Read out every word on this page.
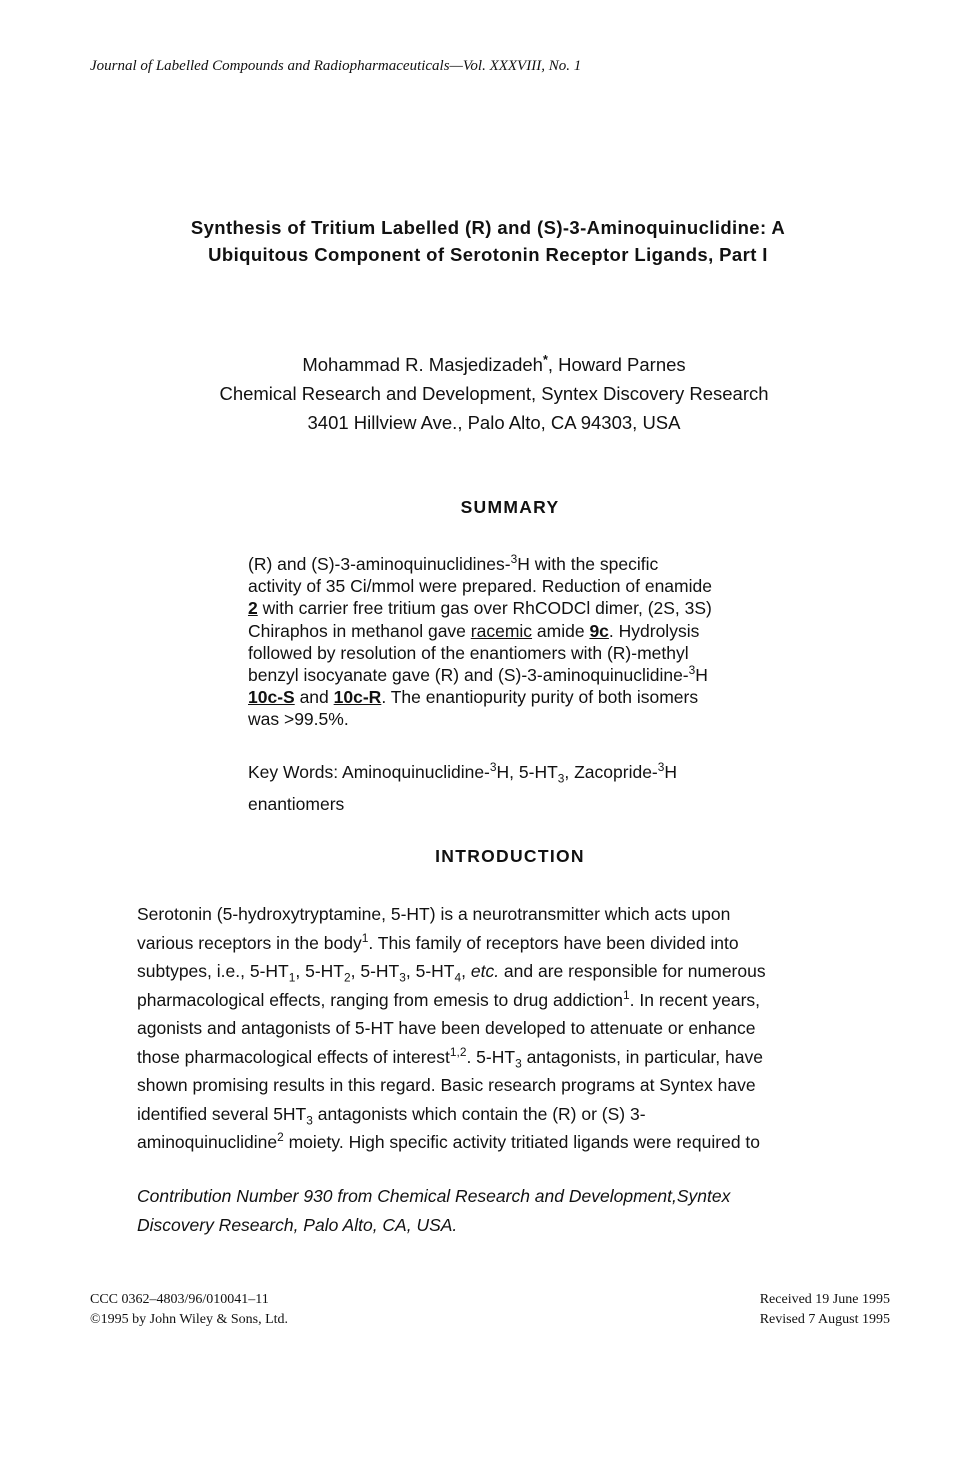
Journal of Labelled Compounds and Radiopharmaceuticals—Vol. XXXVIII, No. 1
Synthesis of Tritium Labelled (R) and (S)-3-Aminoquinuclidine: A
Ubiquitous Component of Serotonin Receptor Ligands, Part I
Mohammad R. Masjedizadeh*, Howard Parnes
Chemical Research and Development, Syntex Discovery Research
3401 Hillview Ave., Palo Alto, CA 94303, USA
SUMMARY
(R) and (S)-3-aminoquinuclidines-$^3$H with the specific
activity of 35 Ci/mmol were prepared. Reduction of enamide
2 with carrier free tritium gas over RhCODCl dimer, (2S, 3S)
Chiraphos in methanol gave racemic amide 9c. Hydrolysis
followed by resolution of the enantiomers with (R)-methyl
benzyl isocyanate gave (R) and (S)-3-aminoquinuclidine-$^3$H
10c-S and 10c-R. The enantiopurity purity of both isomers
was >99.5%.
Key Words: Aminoquinuclidine-$^3$H, $5-HT_3$, Zacopride-$^3$H
enantiomers
INTRODUCTION
Serotonin (5-hydroxytryptamine, 5-HT) is a neurotransmitter which acts upon
various receptors in the body$^1$. This family of receptors have been divided into
subtypes, i.e., $5-HT_1$, $5-HT_2$, $5-HT_3$, $5-HT_4$, etc. and are responsible for numerous
pharmacological effects, ranging from emesis to drug addiction$^1$. In recent years,
agonists and antagonists of 5-HT have been developed to attenuate or enhance
those pharmacological effects of interest$^{1,2}$. $5-HT_3$ antagonists, in particular, have
shown promising results in this regard. Basic research programs at Syntex have
identified several $5HT_3$ antagonists which contain the (R) or (S) 3-
aminoquinuclidine$^2$ moiety. High specific activity tritiated ligands were required to
Contribution Number 930 from Chemical Research and Development,Syntex
Discovery Research, Palo Alto, CA, USA.
CCC 0362–4803/96/010041–11
©1995 by John Wiley & Sons, Ltd.
Received 19 June 1995
Revised 7 August 1995
